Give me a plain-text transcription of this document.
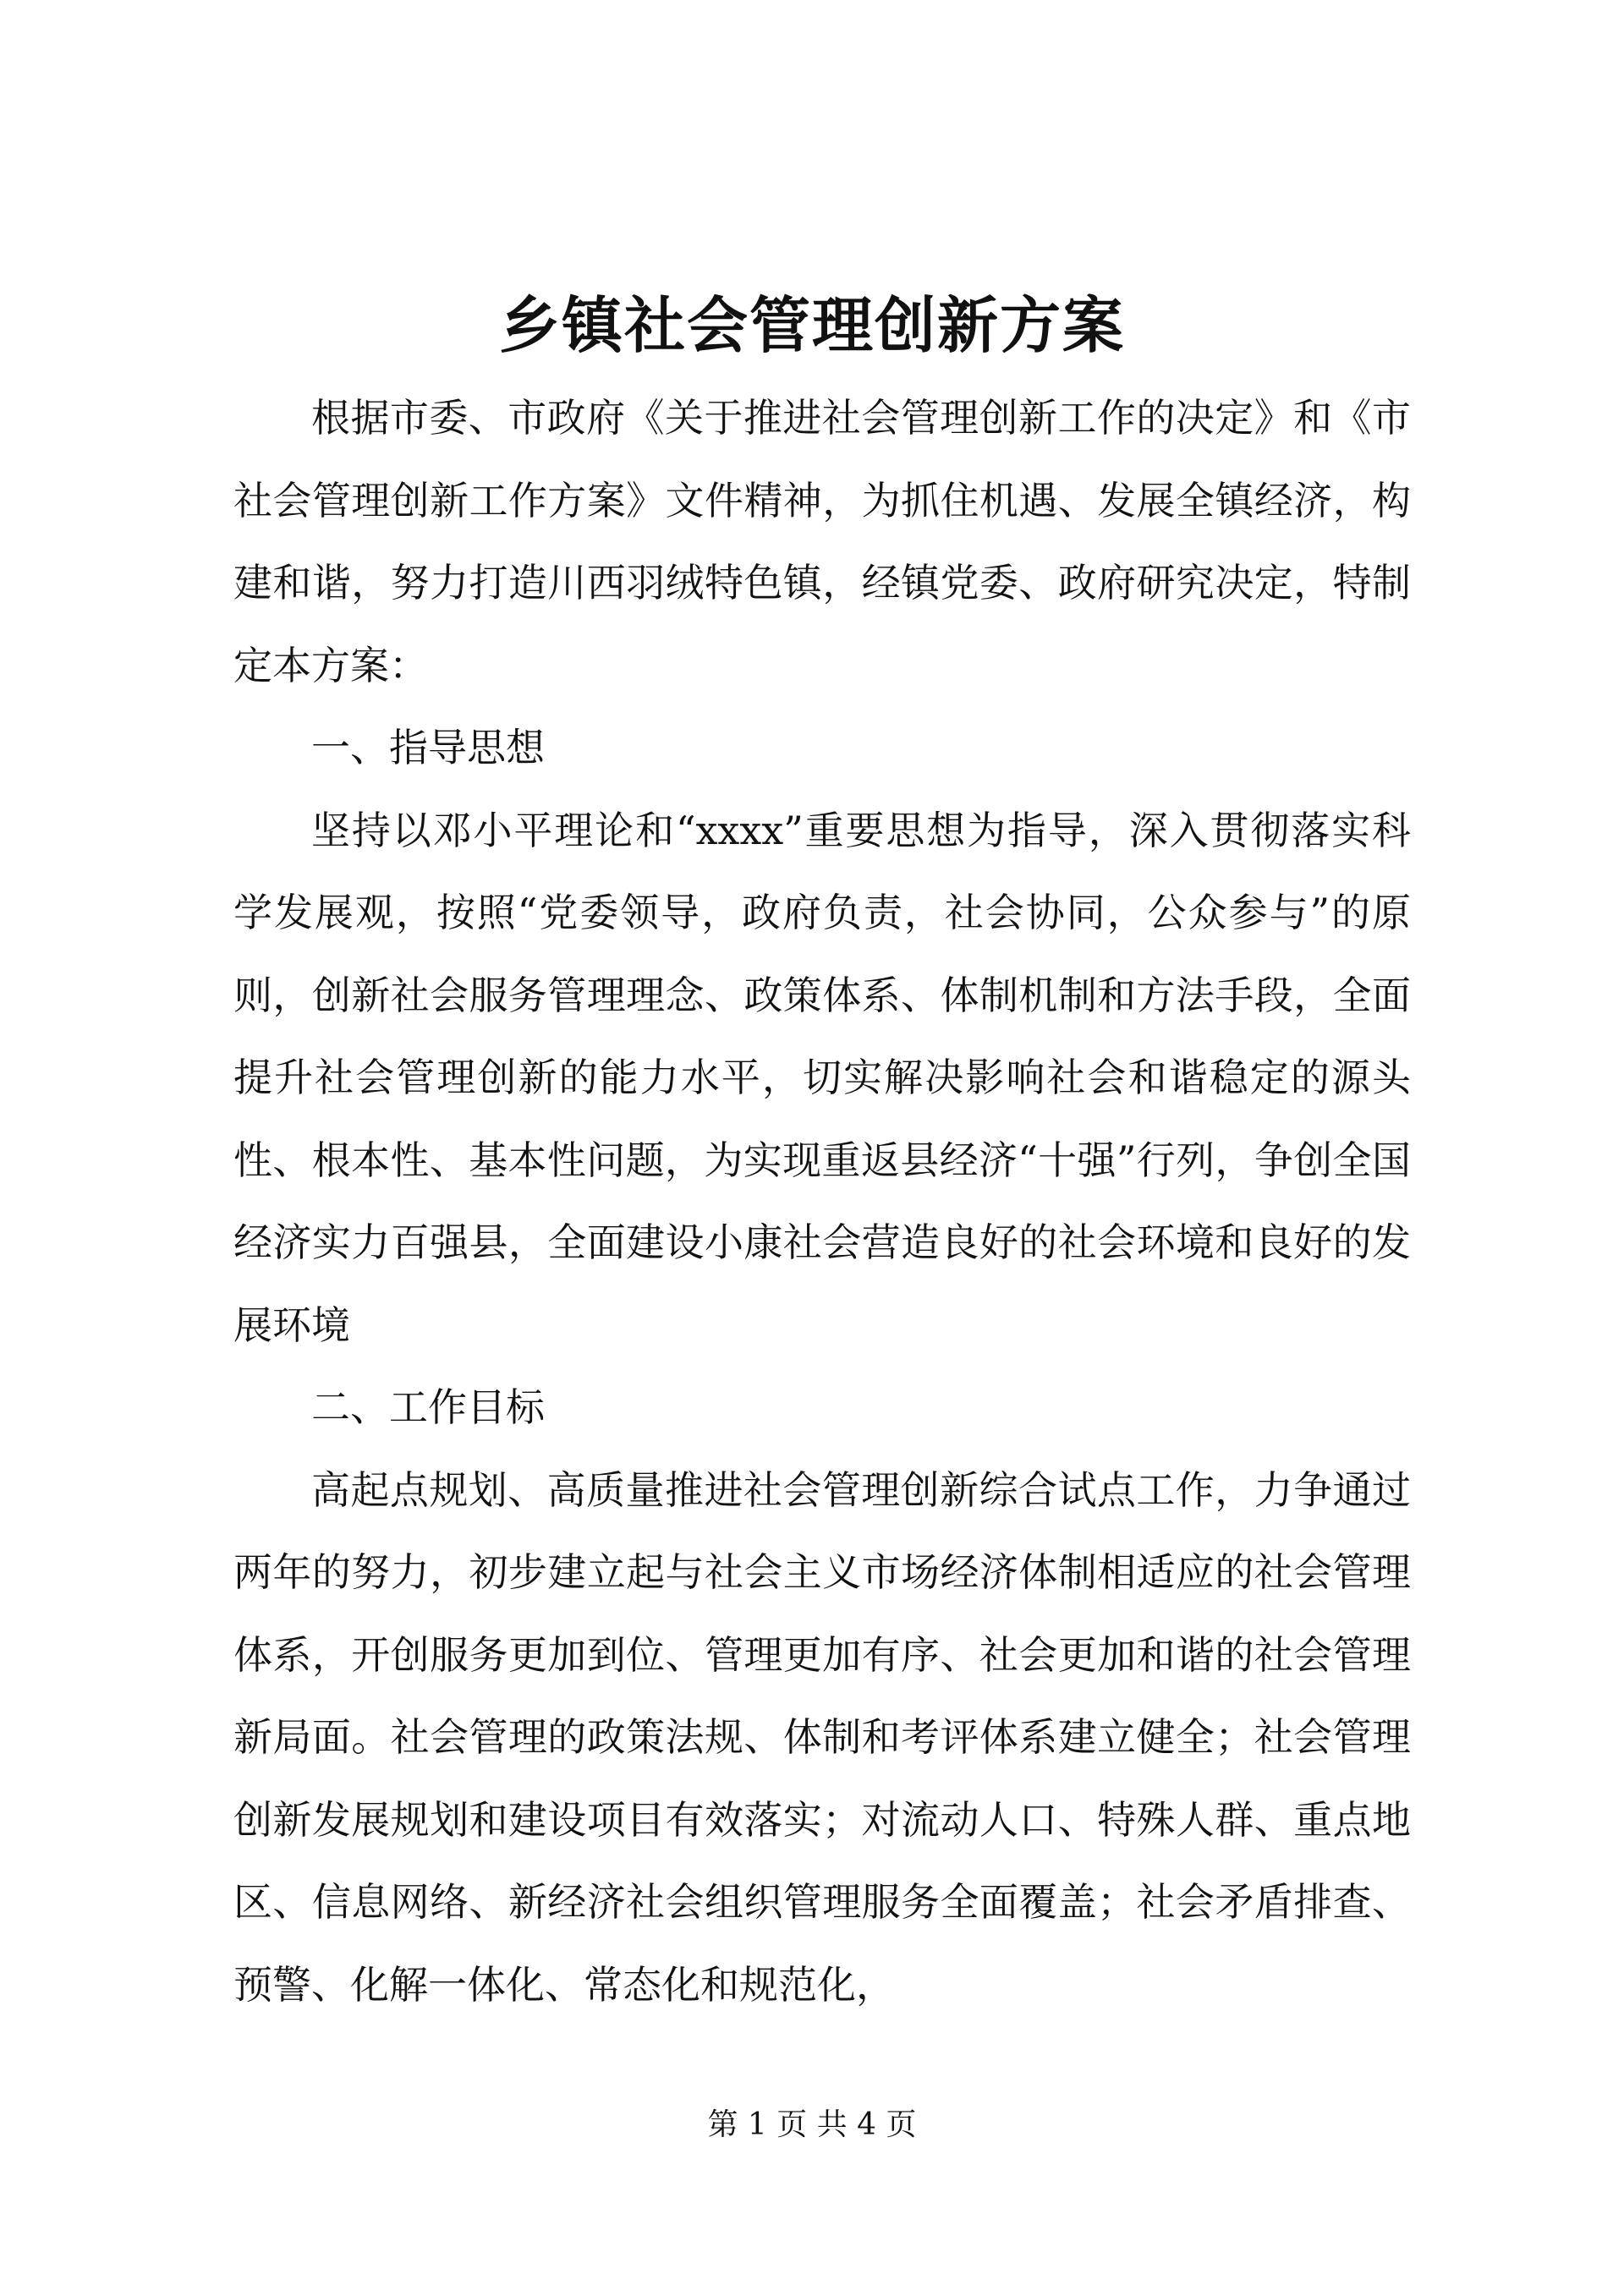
乡镇社会管理创新方案

根据市委、市政府《关于推进社会管理创新工作的决定》和《市社会管理创新工作方案》文件精神，为抓住机遇、发展全镇经济，构建和谐，努力打造川西羽绒特色镇，经镇党委、政府研究决定，特制定本方案：

一、指导思想

坚持以邓小平理论和“xxxx”重要思想为指导，深入贯彻落实科学发展观，按照“党委领导，政府负责，社会协同，公众参与”的原则，创新社会服务管理理念、政策体系、体制机制和方法手段，全面提升社会管理创新的能力水平，切实解决影响社会和谐稳定的源头性、根本性、基本性问题，为实现重返县经济“十强”行列，争创全国经济实力百强县，全面建设小康社会营造良好的社会环境和良好的发展环境

二、工作目标

高起点规划、高质量推进社会管理创新综合试点工作，力争通过两年的努力，初步建立起与社会主义市场经济体制相适应的社会管理体系，开创服务更加到位、管理更加有序、社会更加和谐的社会管理新局面。社会管理的政策法规、体制和考评体系建立健全；社会管理创新发展规划和建设项目有效落实；对流动人口、特殊人群、重点地区、信息网络、新经济社会组织管理服务全面覆盖；社会矛盾排查、预警、化解一体化、常态化和规范化，

第 1 页 共 4 页
